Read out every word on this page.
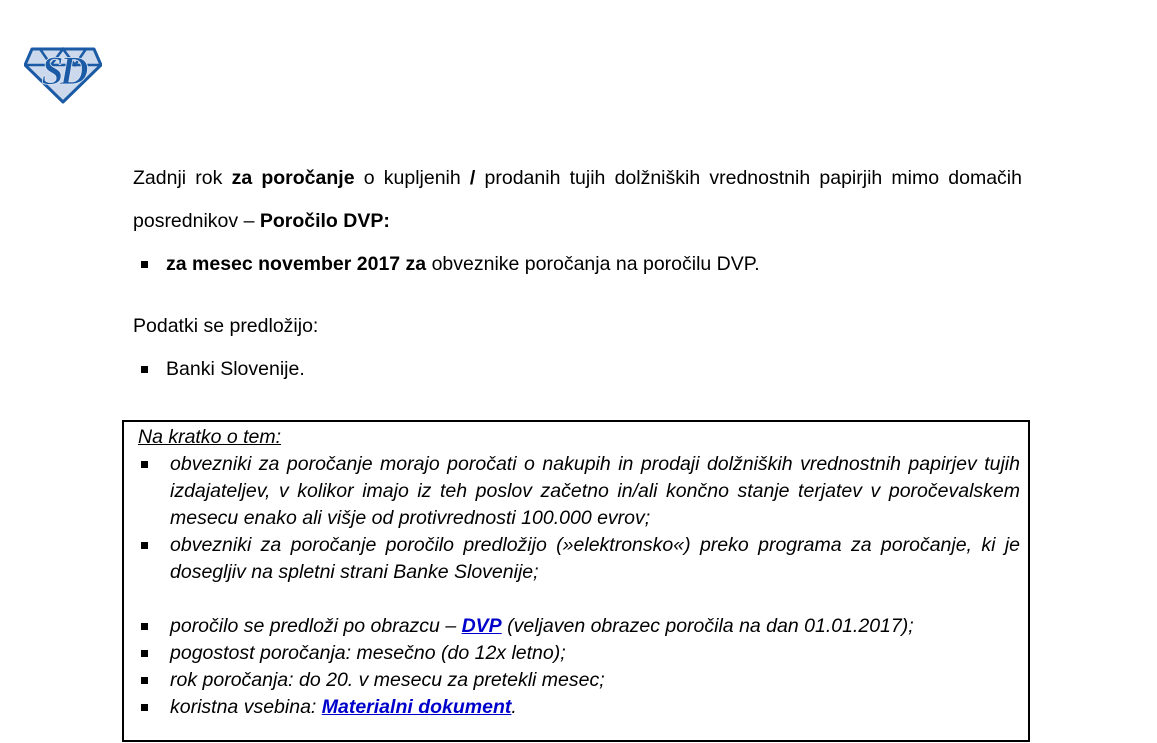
SD

Zadnji rok za poročanje o kupljenih / prodanih tujih dolžniških vrednostnih papirjih mimo domačih posrednikov – Poročilo DVP:

za mesec november 2017 za obveznike poročanja na poročilu DVP.

Podatki se predložijo:

Banki Slovenije.

Na kratko o tem:

obvezniki za poročanje morajo poročati o nakupih in prodaji dolžniških vrednostnih papirjev tujih izdajateljev, v kolikor imajo iz teh poslov začetno in/ali končno stanje terjatev v poročevalskem mesecu enako ali višje od protivrednosti 100.000 evrov;
obvezniki za poročanje poročilo predložijo (»elektronsko«) preko programa za poročanje, ki je dosegljiv na spletni strani Banke Slovenije;
poročilo se predloži po obrazcu – DVP (veljaven obrazec poročila na dan 01.01.2017);
pogostost poročanja: mesečno (do 12x letno);
rok poročanja: do 20. v mesecu za pretekli mesec;
koristna vsebina: Materialni dokument.
